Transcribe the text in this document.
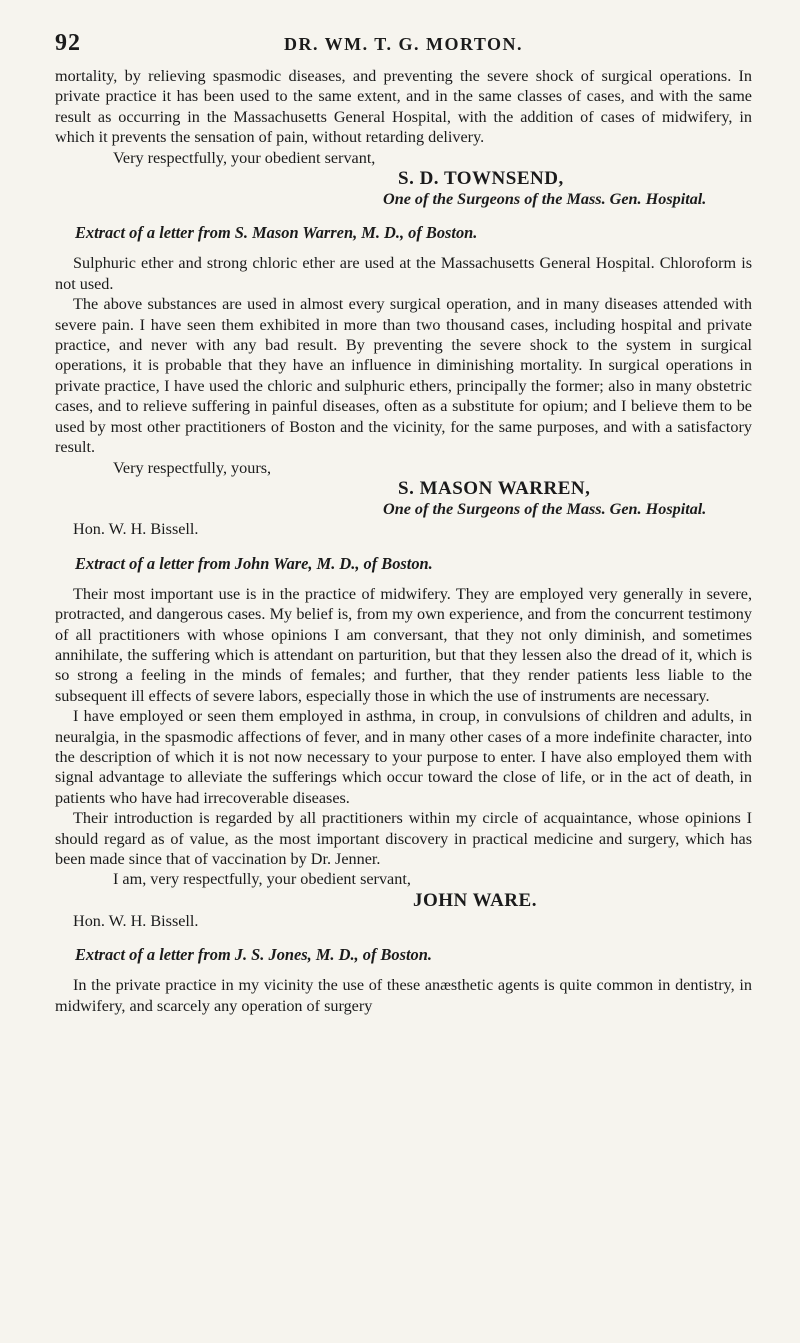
92	DR. WM. T. G. MORTON.

mortality, by relieving spasmodic diseases, and preventing the severe shock of surgical operations. In private practice it has been used to the same extent, and in the same classes of cases, and with the same result as occurring in the Massachusetts General Hospital, with the addition of cases of midwifery, in which it prevents the sensation of pain, without retarding delivery.

Very respectfully, your obedient servant,
S. D. TOWNSEND,
One of the Surgeons of the Mass. Gen. Hospital.
Extract of a letter from S. Mason Warren, M. D., of Boston.

Sulphuric ether and strong chloric ether are used at the Massachusetts General Hospital. Chloroform is not used.

The above substances are used in almost every surgical operation, and in many diseases attended with severe pain. I have seen them exhibited in more than two thousand cases, including hospital and private practice, and never with any bad result. By preventing the severe shock to the system in surgical operations, it is probable that they have an influence in diminishing mortality. In surgical operations in private practice, I have used the chloric and sulphuric ethers, principally the former; also in many obstetric cases, and to relieve suffering in painful diseases, often as a substitute for opium; and I believe them to be used by most other practitioners of Boston and the vicinity, for the same purposes, and with a satisfactory result.

Very respectfully, yours,
S. MASON WARREN,
One of the Surgeons of the Mass. Gen. Hospital.
Hon. W. H. Bissell.
Extract of a letter from John Ware, M. D., of Boston.

Their most important use is in the practice of midwifery. They are employed very generally in severe, protracted, and dangerous cases. My belief is, from my own experience, and from the concurrent testimony of all practitioners with whose opinions I am conversant, that they not only diminish, and sometimes annihilate, the suffering which is attendant on parturition, but that they lessen also the dread of it, which is so strong a feeling in the minds of females; and further, that they render patients less liable to the subsequent ill effects of severe labors, especially those in which the use of instruments are necessary.

I have employed or seen them employed in asthma, in croup, in convulsions of children and adults, in neuralgia, in the spasmodic affections of fever, and in many other cases of a more indefinite character, into the description of which it is not now necessary to your purpose to enter. I have also employed them with signal advantage to alleviate the sufferings which occur toward the close of life, or in the act of death, in patients who have had irrecoverable diseases.

Their introduction is regarded by all practitioners within my circle of acquaintance, whose opinions I should regard as of value, as the most important discovery in practical medicine and surgery, which has been made since that of vaccination by Dr. Jenner.

I am, very respectfully, your obedient servant,
JOHN WARE.
Hon. W. H. Bissell.
Extract of a letter from J. S. Jones, M. D., of Boston.

In the private practice in my vicinity the use of these anæsthetic agents is quite common in dentistry, in midwifery, and scarcely any operation of surgery
